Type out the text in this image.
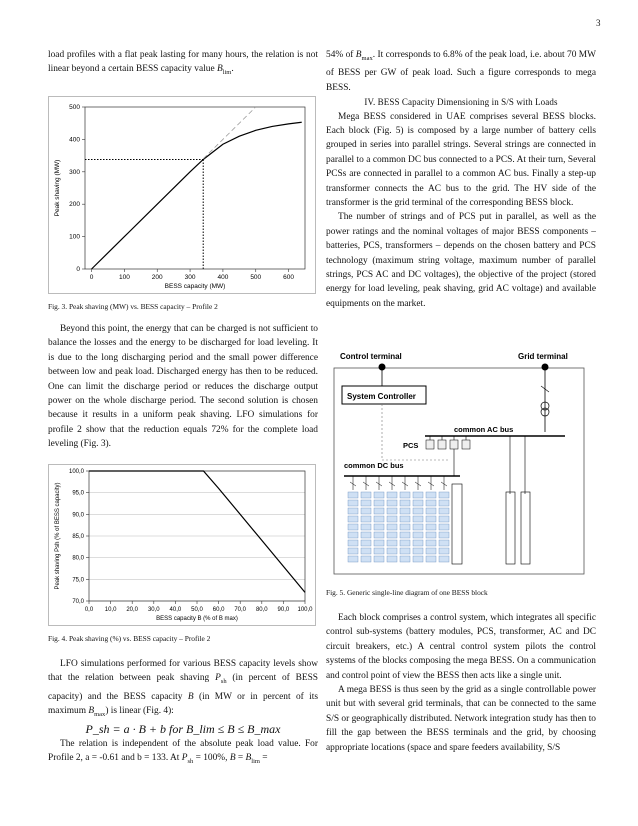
3

load profiles with a flat peak lasting for many hours, the relation is not linear beyond a certain BESS capacity value $B_{lim}$.

0	100	200	300	400	500	600
0
100
200
300
400
500
BESS capacity (MW)
Peak shaving (MW)

Fig. 3. Peak shaving (MW) vs. BESS capacity – Profile 2

Beyond this point, the energy that can be charged is not sufficient to balance the losses and the energy to be discharged for load leveling. It is due to the long discharging period and the small power difference between low and peak load. Discharged energy has then to be reduced. One can limit the discharge period or reduces the discharge output power on the whole discharge period. The second solution is chosen because it results in a uniform peak shaving. LFO simulations for profile 2 show that the reduction equals 72% for the complete load leveling (Fig. 3).

0,0 10,0 20,0 30,0 40,0 50,0 60,0 70,0 80,0 90,0 100,0
70,0
75,0
80,0
85,0
90,0
95,0
100,0
BESS capacity B (% of B max)
Peak shaving Psh (% of BESS capacity)

Fig. 4. Peak shaving (%) vs. BESS capacity – Profile 2

LFO simulations performed for various BESS capacity levels show that the relation between peak shaving $P_{sh}$ (in percent of BESS capacity) and the BESS capacity B (in MW or in percent of its maximum $B_{max}$) is linear (Fig. 4):

P_sh = a · B + b for B_lim ≤ B ≤ B_max

The relation is independent of the absolute peak load value. For Profile 2, a = -0.61 and b = 133. At $P_{sh} = 100\%$, $B = B_{lim}$ =

54% of $B_{max}$. It corresponds to 6.8% of the peak load, i.e. about 70 MW of BESS per GW of peak load. Such a figure corresponds to mega BESS.

IV. BESS Capacity Dimensioning in S/S with Loads

Mega BESS considered in UAE comprises several BESS blocks. Each block (Fig. 5) is composed by a large number of battery cells grouped in series into parallel strings. Several strings are connected in parallel to a common DC bus connected to a PCS. At their turn, Several PCSs are connected in parallel to a common AC bus. Finally a step-up transformer connects the AC bus to the grid. The HV side of the transformer is the grid terminal of the corresponding BESS block.

The number of strings and of PCS put in parallel, as well as the power ratings and the nominal voltages of major BESS components – batteries, PCS, transformers – depends on the chosen battery and PCS technology (maximum string voltage, maximum number of parallel strings, PCS AC and DC voltages), the objective of the project (stored energy for load leveling, peak shaving, grid AC voltage) and available equipments on the market.

Control terminal	Grid terminal
System Controller
common AC bus
PCS
common DC bus

Fig. 5. Generic single-line diagram of one BESS block

Each block comprises a control system, which integrates all specific control sub-systems (battery modules, PCS, transformer, AC and DC circuit breakers, etc.) A central control system pilots the control systems of the blocks composing the mega BESS. On a communication and control point of view the BESS then acts like a single unit.

A mega BESS is thus seen by the grid as a single controllable power unit but with several grid terminals, that can be connected to the same S/S or geographically distributed. Network integration study has then to fill the gap between the BESS terminals and the grid, by choosing appropriate locations (space and spare feeders availability, S/S
